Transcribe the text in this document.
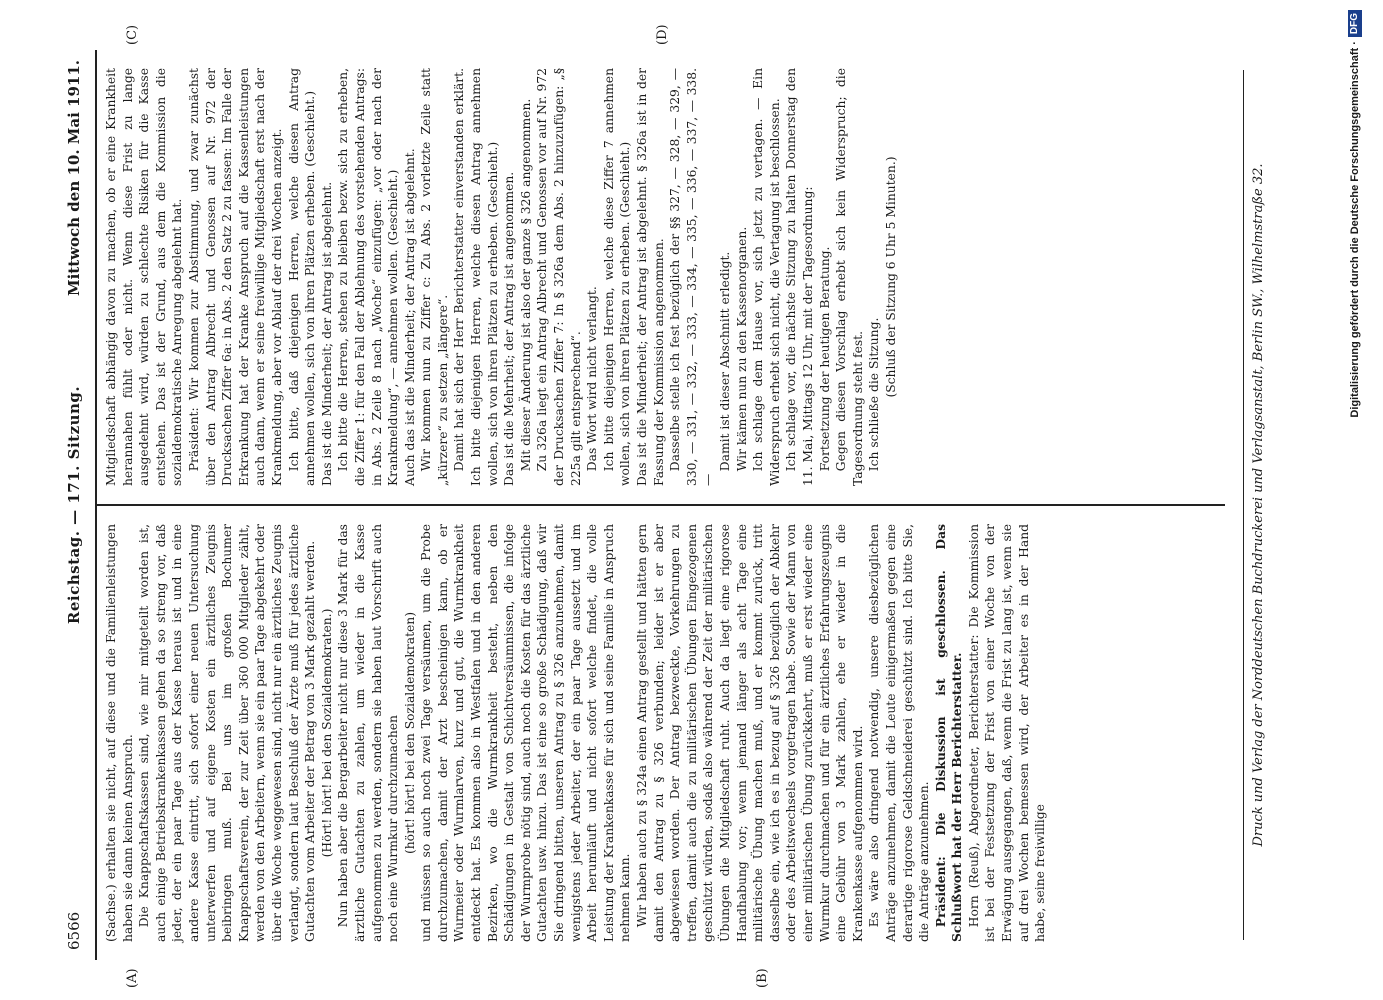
6566
Reichstag. — 171. Sitzung.
Mittwoch den 10. Mai 1911.
(A)	(B)
(C)	(D)

(Sachse.) erhalten sie nicht, auf diese und die Familienleistungen haben sie dann keinen Anspruch. Die Knappschaftskassen sind, wie mir mitgeteilt worden ist, auch einige Betriebskrankenkassen gehen da so streng vor, daß jeder, der ein paar Tage aus der Kasse heraus ist und in eine andere Kasse eintritt, sich sofort einer neuen Untersuchung unterwerfen und auf eigene Kosten ein ärztliches Zeugnis beibringen muß. Bei uns im großen Bochumer Knappschaftsverein, der zur Zeit über 360 000 Mitglieder zählt, werden von den Arbeitern, wenn sie ein paar Tage abgekehrt oder über die Woche weggewesen sind, nicht nur ein ärztliches Zeugnis verlangt, sondern laut Beschluß der Ärzte muß für jedes ärztliche Gutachten vom Arbeiter der Betrag von 3 Mark gezahlt werden. (Hört! hört! bei den Sozialdemokraten.) Nun haben aber die Bergarbeiter nicht nur diese 3 Mark für das ärztliche Gutachten zu zahlen, um wieder in die Kasse aufgenommen zu werden, sondern sie haben laut Vorschrift auch noch eine Wurmkur durchzumachen (hört! hört! bei den Sozialdemokraten) und müssen so auch noch zwei Tage versäumen, um die Probe durchzumachen, damit der Arzt bescheinigen kann, ob er Wurmeier oder Wurmlarven, kurz und gut, die Wurmkrankheit entdeckt hat. Es kommen also in Westfalen und in den anderen Bezirken, wo die Wurmkrankheit besteht, neben den Schädigungen in Gestalt von Schichtversäumnissen, die infolge der Wurmprobe nötig sind, auch noch die Kosten für das ärztliche Gutachten usw. hinzu. Das ist eine so große Schädigung, daß wir Sie dringend bitten, unseren Antrag zu § 326 anzunehmen, damit wenigstens jeder Arbeiter, der ein paar Tage aussetzt und im Arbeit herumläuft und nicht sofort welche findet, die volle Leistung der Krankenkasse für sich und seine Familie in Anspruch nehmen kann. Wir haben auch zu § 324a einen Antrag gestellt und hätten gern damit den Antrag zu § 326 verbunden; leider ist er aber abgewiesen worden. Der Antrag bezweckte, Vorkehrungen zu treffen, damit auch die zu militärischen Übungen Eingezogenen geschützt würden, sodaß also während der Zeit der militärischen Übungen die Mitgliedschaft ruht. Auch da liegt eine rigorose Handhabung vor; wenn jemand länger als acht Tage eine militärische Übung machen muß, und er kommt zurück, tritt dasselbe ein, wie ich es in bezug auf § 326 bezüglich der Abkehr oder des Arbeitswechsels vorgetragen habe. Sowie der Mann von einer militärischen Übung zurückkehrt, muß er erst wieder eine Wurmkur durchmachen und für ein ärztliches Erfahrungszeugnis eine Gebühr von 3 Mark zahlen, ehe er wieder in die Krankenkasse aufgenommen wird. Es wäre also dringend notwendig, unsere diesbezüglichen Anträge anzunehmen, damit die Leute einigermaßen gegen eine derartige rigorose Geldschneiderei geschützt sind. Ich bitte Sie, die Anträge anzunehmen. Präsident: Die Diskussion ist geschlossen. Das Schlußwort hat der Herr Berichterstatter. Horn (Reuß), Abgeordneter, Berichterstatter: Die Kommission ist bei der Festsetzung der Frist von einer Woche von der Erwägung ausgegangen, daß, wenn die Frist zu lang ist, wenn sie auf drei Wochen bemessen wird, der Arbeiter es in der Hand habe, seine freiwillige

Mitgliedschaft abhängig davon zu machen, ob er eine Krankheit herannahen fühlt oder nicht. Wenn diese Frist zu lange ausgedehnt wird, würden zu schlechte Risiken für die Kasse entstehen. Das ist der Grund, aus dem die Kommission die sozialdemokratische Anregung abgelehnt hat. Präsident: Wir kommen zur Abstimmung, und zwar zunächst über den Antrag Albrecht und Genossen auf Nr. 972 der Drucksachen Ziffer 6a: in Abs. 2 den Satz 2 zu fassen: Im Falle der Erkrankung hat der Kranke Anspruch auf die Kassenleistungen auch dann, wenn er seine freiwillige Mitgliedschaft erst nach der Krankmeldung, aber vor Ablauf der drei Wochen anzeigt. Ich bitte, daß diejenigen Herren, welche diesen Antrag annehmen wollen, sich von ihren Plätzen erheben. (Geschieht.) Das ist die Minderheit; der Antrag ist abgelehnt. Ich bitte die Herren, stehen zu bleiben bezw. sich zu erheben, die Ziffer 1: für den Fall der Ablehnung des vorstehenden Antrags: in Abs. 2 Zeile 8 nach „Woche“ einzufügen: „vor oder nach der Krankmeldung“, — annehmen wollen. (Geschieht.) Auch das ist die Minderheit; der Antrag ist abgelehnt. Wir kommen nun zu Ziffer c: Zu Abs. 2 vorletzte Zeile statt „kürzere“ zu setzen „längere“. Damit hat sich der Herr Berichterstatter einverstanden erklärt. Ich bitte diejenigen Herren, welche diesen Antrag annehmen wollen, sich von ihren Plätzen zu erheben. (Geschieht.) Das ist die Mehrheit; der Antrag ist angenommen. Mit dieser Änderung ist also der ganze § 326 angenommen. Zu 326a liegt ein Antrag Albrecht und Genossen vor auf Nr. 972 der Drucksachen Ziffer 7: In § 326a dem Abs. 2 hinzuzufügen: „§ 225a gilt entsprechend“. Das Wort wird nicht verlangt. Ich bitte diejenigen Herren, welche diese Ziffer 7 annehmen wollen, sich von ihren Plätzen zu erheben. (Geschieht.) Das ist die Minderheit; der Antrag ist abgelehnt. § 326a ist in der Fassung der Kommission angenommen. Dasselbe stelle ich fest bezüglich der §§ 327, — 328, — 329, — 330, — 331, — 332, — 333, — 334, — 335, — 336, — 337, — 338. —

Damit ist dieser Abschnitt erledigt. Wir kämen nun zu den Kassenorganen. Ich schlage dem Hause vor, sich jetzt zu vertagen. — Ein Widerspruch erhebt sich nicht, die Vertagung ist beschlossen. Ich schlage vor, die nächste Sitzung zu halten Donnerstag den 11. Mai, Mittags 12 Uhr, mit der Tagesordnung: Fortsetzung der heutigen Beratung. Gegen diesen Vorschlag erhebt sich kein Widerspruch; die Tagesordnung steht fest. Ich schließe die Sitzung. (Schluß der Sitzung 6 Uhr 5 Minuten.)	Druck und Verlag der Norddeutschen Buchdruckerei und Verlagsanstalt, Berlin SW., Wilhelmstraße 32.	Digitalisierung gefördert durch die Deutsche Forschungsgemeinschaft ·DFG
